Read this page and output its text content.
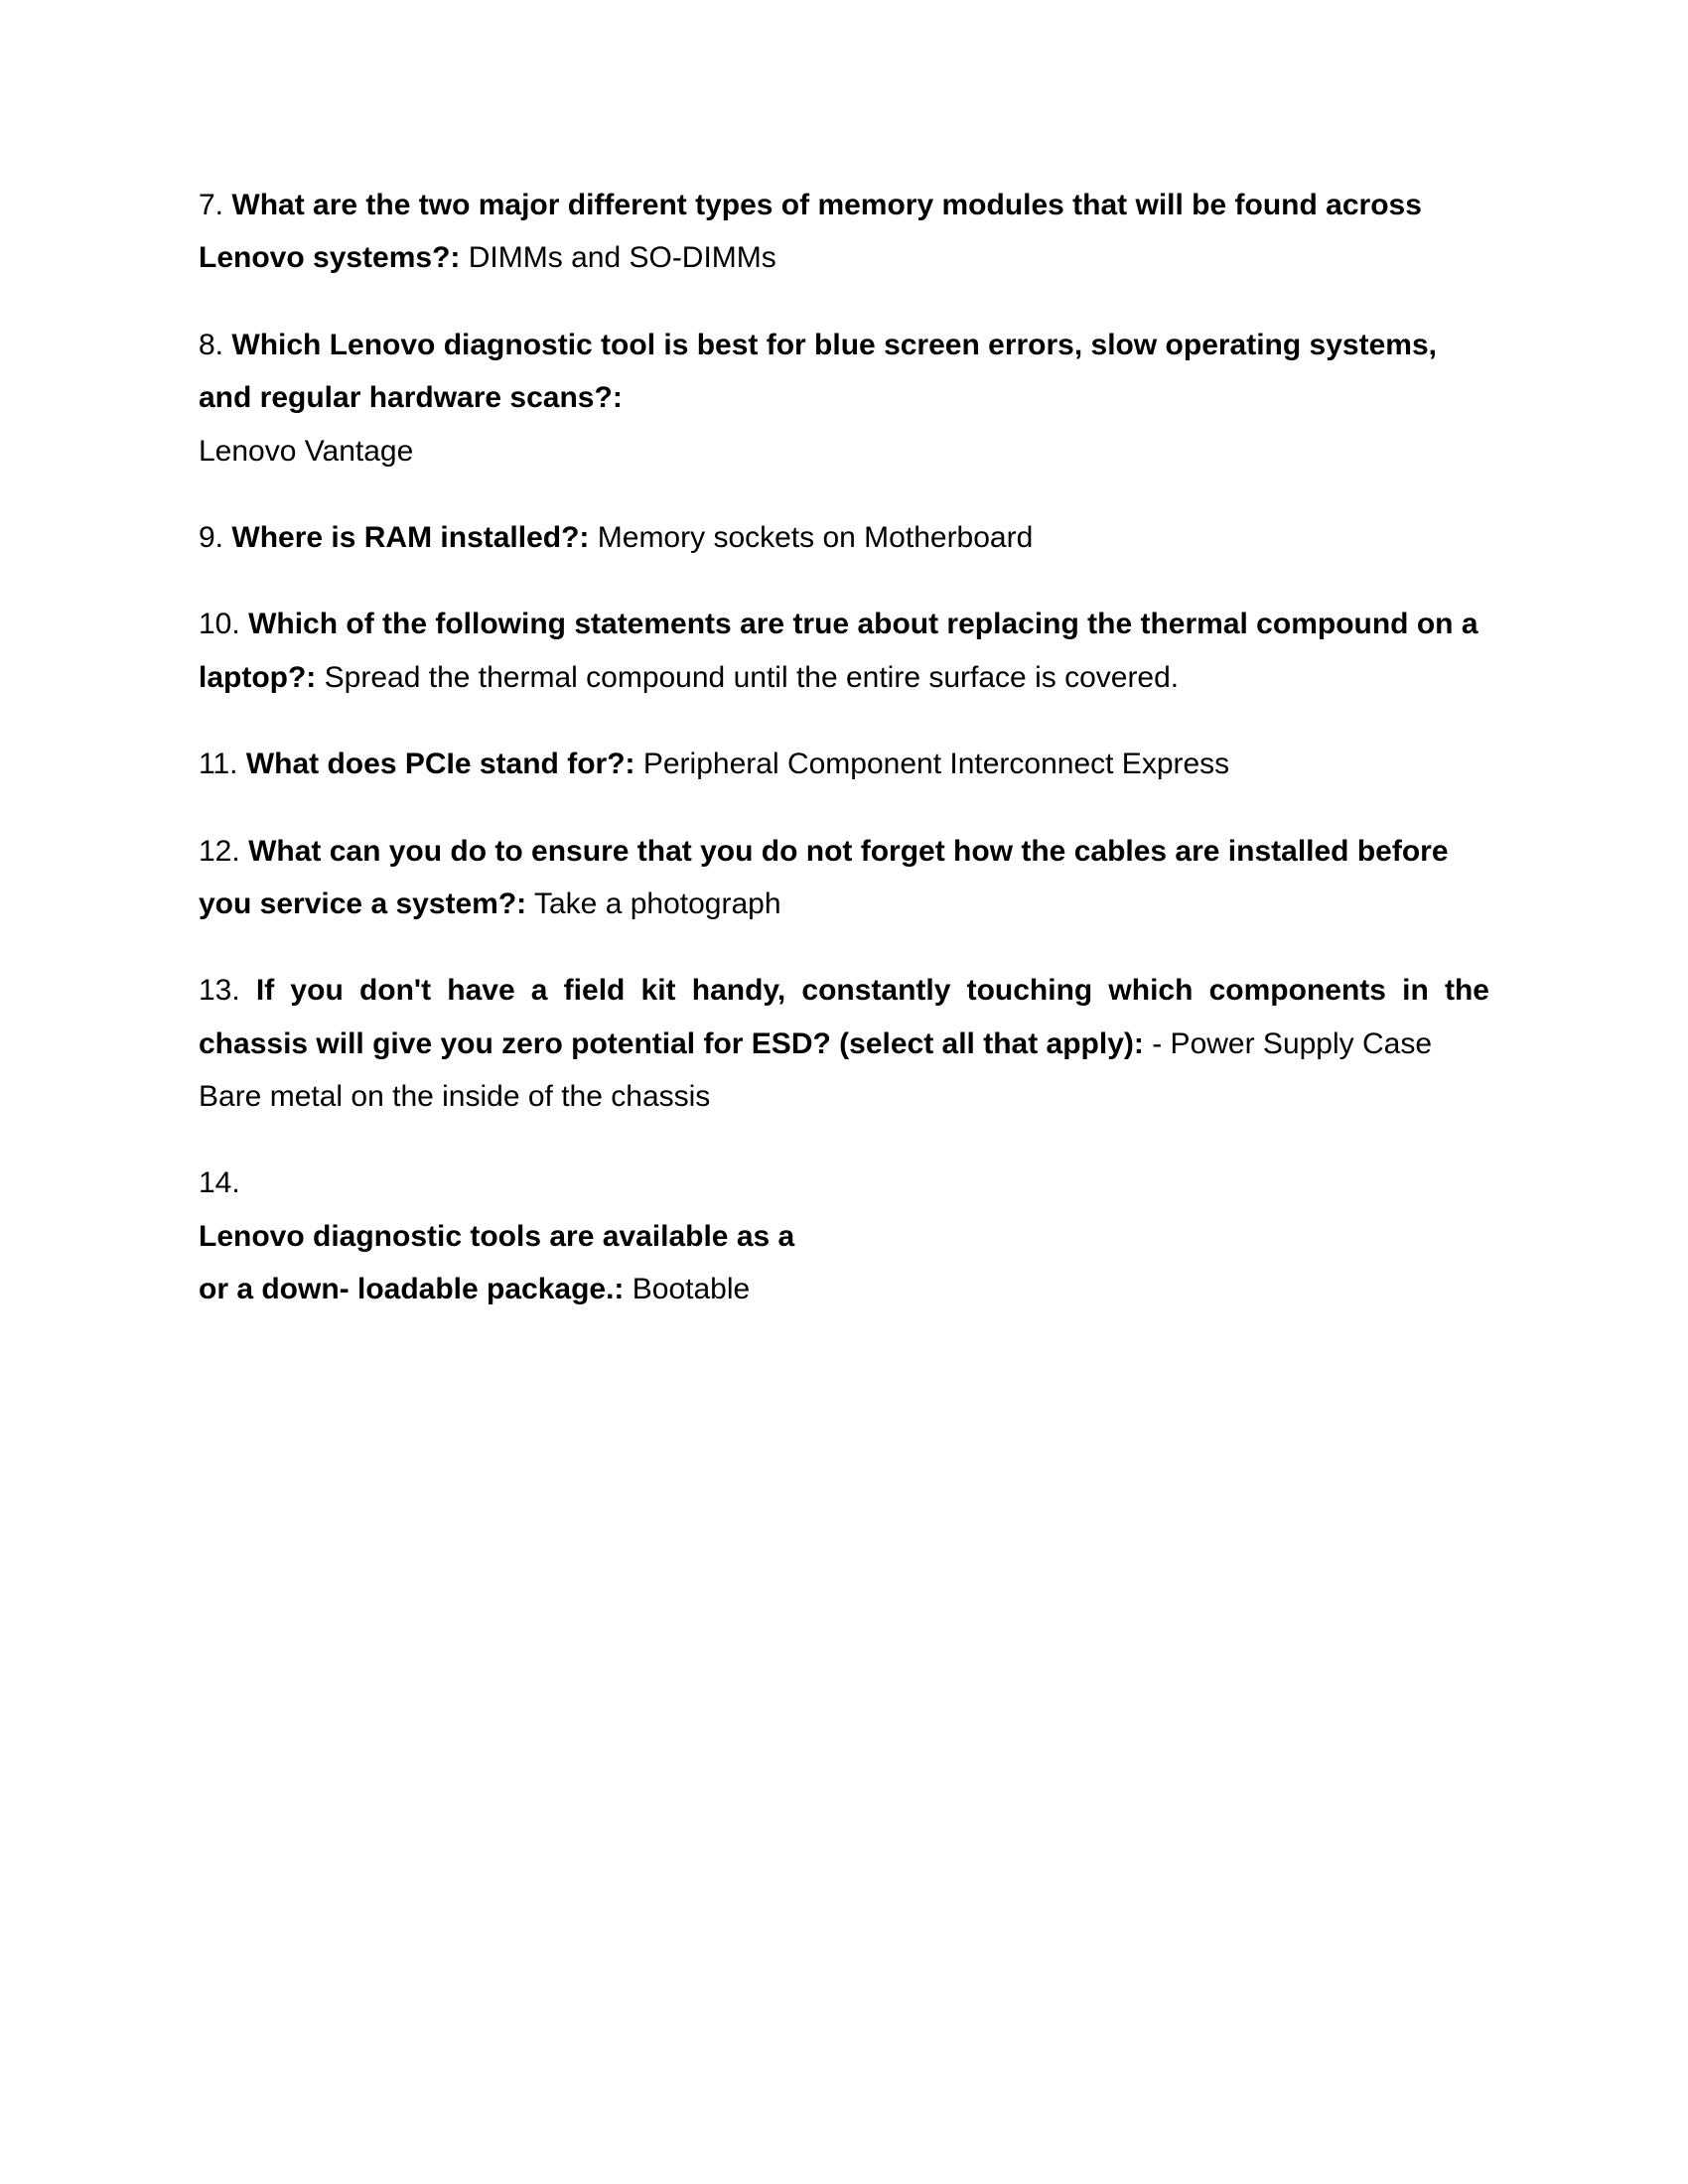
7. What are the two major different types of memory modules that will be found across Lenovo systems?: DIMMs and SO-DIMMs

8. Which Lenovo diagnostic tool is best for blue screen errors, slow operating systems, and regular hardware scans?:
Lenovo Vantage

9. Where is RAM installed?: Memory sockets on Motherboard

10. Which of the following statements are true about replacing the thermal compound on a laptop?: Spread the thermal compound until the entire surface is covered.

11. What does PCIe stand for?: Peripheral Component Interconnect Express

12. What can you do to ensure that you do not forget how the cables are installed before you service a system?: Take a photograph

13. If you don't have a field kit handy, constantly touching which components in the chassis will give you zero potential for ESD? (select all that apply): - Power Supply Case

Bare metal on the inside of the chassis

14.
Lenovo diagnostic tools are available as a

or a down- loadable package.: Bootable
